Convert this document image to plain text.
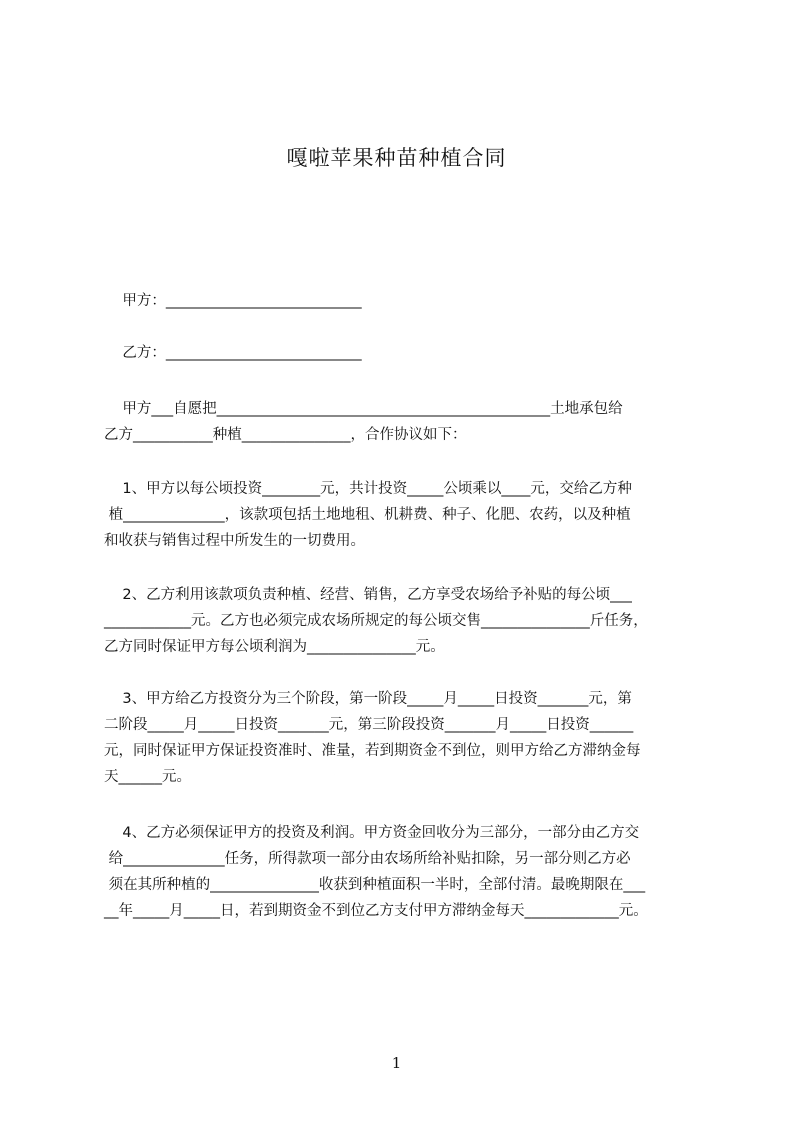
嘎啦苹果种苗种植合同
甲方：___________________________
乙方：___________________________
甲方___自愿把______________________________________________土地承包给
乙方___________种植_______________，合作协议如下：
1、甲方以每公顷投资________元，共计投资_____公顷乘以____元，交给乙方种
植______________，该款项包括土地地租、机耕费、种子、化肥、农药，以及种植
和收获与销售过程中所发生的一切费用。
2、乙方利用该款项负责种植、经营、销售，乙方享受农场给予补贴的每公顷___
____________元。乙方也必须完成农场所规定的每公顷交售_______________斤任务，
乙方同时保证甲方每公顷利润为_______________元。
3、甲方给乙方投资分为三个阶段，第一阶段_____月_____日投资_______元，第
二阶段_____月_____日投资_______元，第三阶段投资_______月_____日投资______
元，同时保证甲方保证投资准时、准量，若到期资金不到位，则甲方给乙方滞纳金每
天______元。
4、乙方必须保证甲方的投资及利润。甲方资金回收分为三部分，一部分由乙方交
给______________任务，所得款项一部分由农场所给补贴扣除，另一部分则乙方必
须在其所种植的_______________收获到种植面积一半时，全部付清。最晚期限在___
__年_____月_____日，若到期资金不到位乙方支付甲方滞纳金每天_____________元。
1
